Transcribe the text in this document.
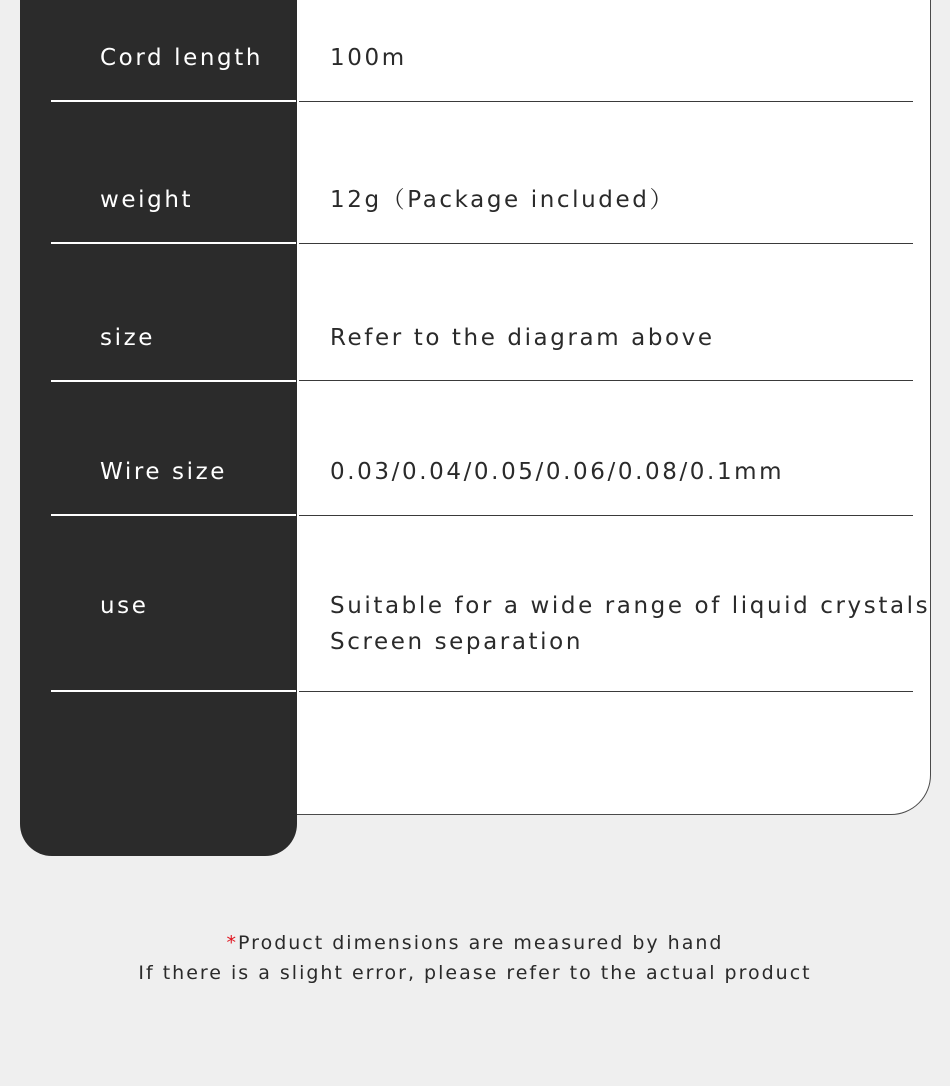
Cord length	100m
weight	12g（Package included）
size	Refer to the diagram above
Wire size	0.03/0.04/0.05/0.06/0.08/0.1mm
use	Suitable for a wide range of liquid crystals
Screen separation
*Product dimensions are measured by hand
If there is a slight error, please refer to the actual product
